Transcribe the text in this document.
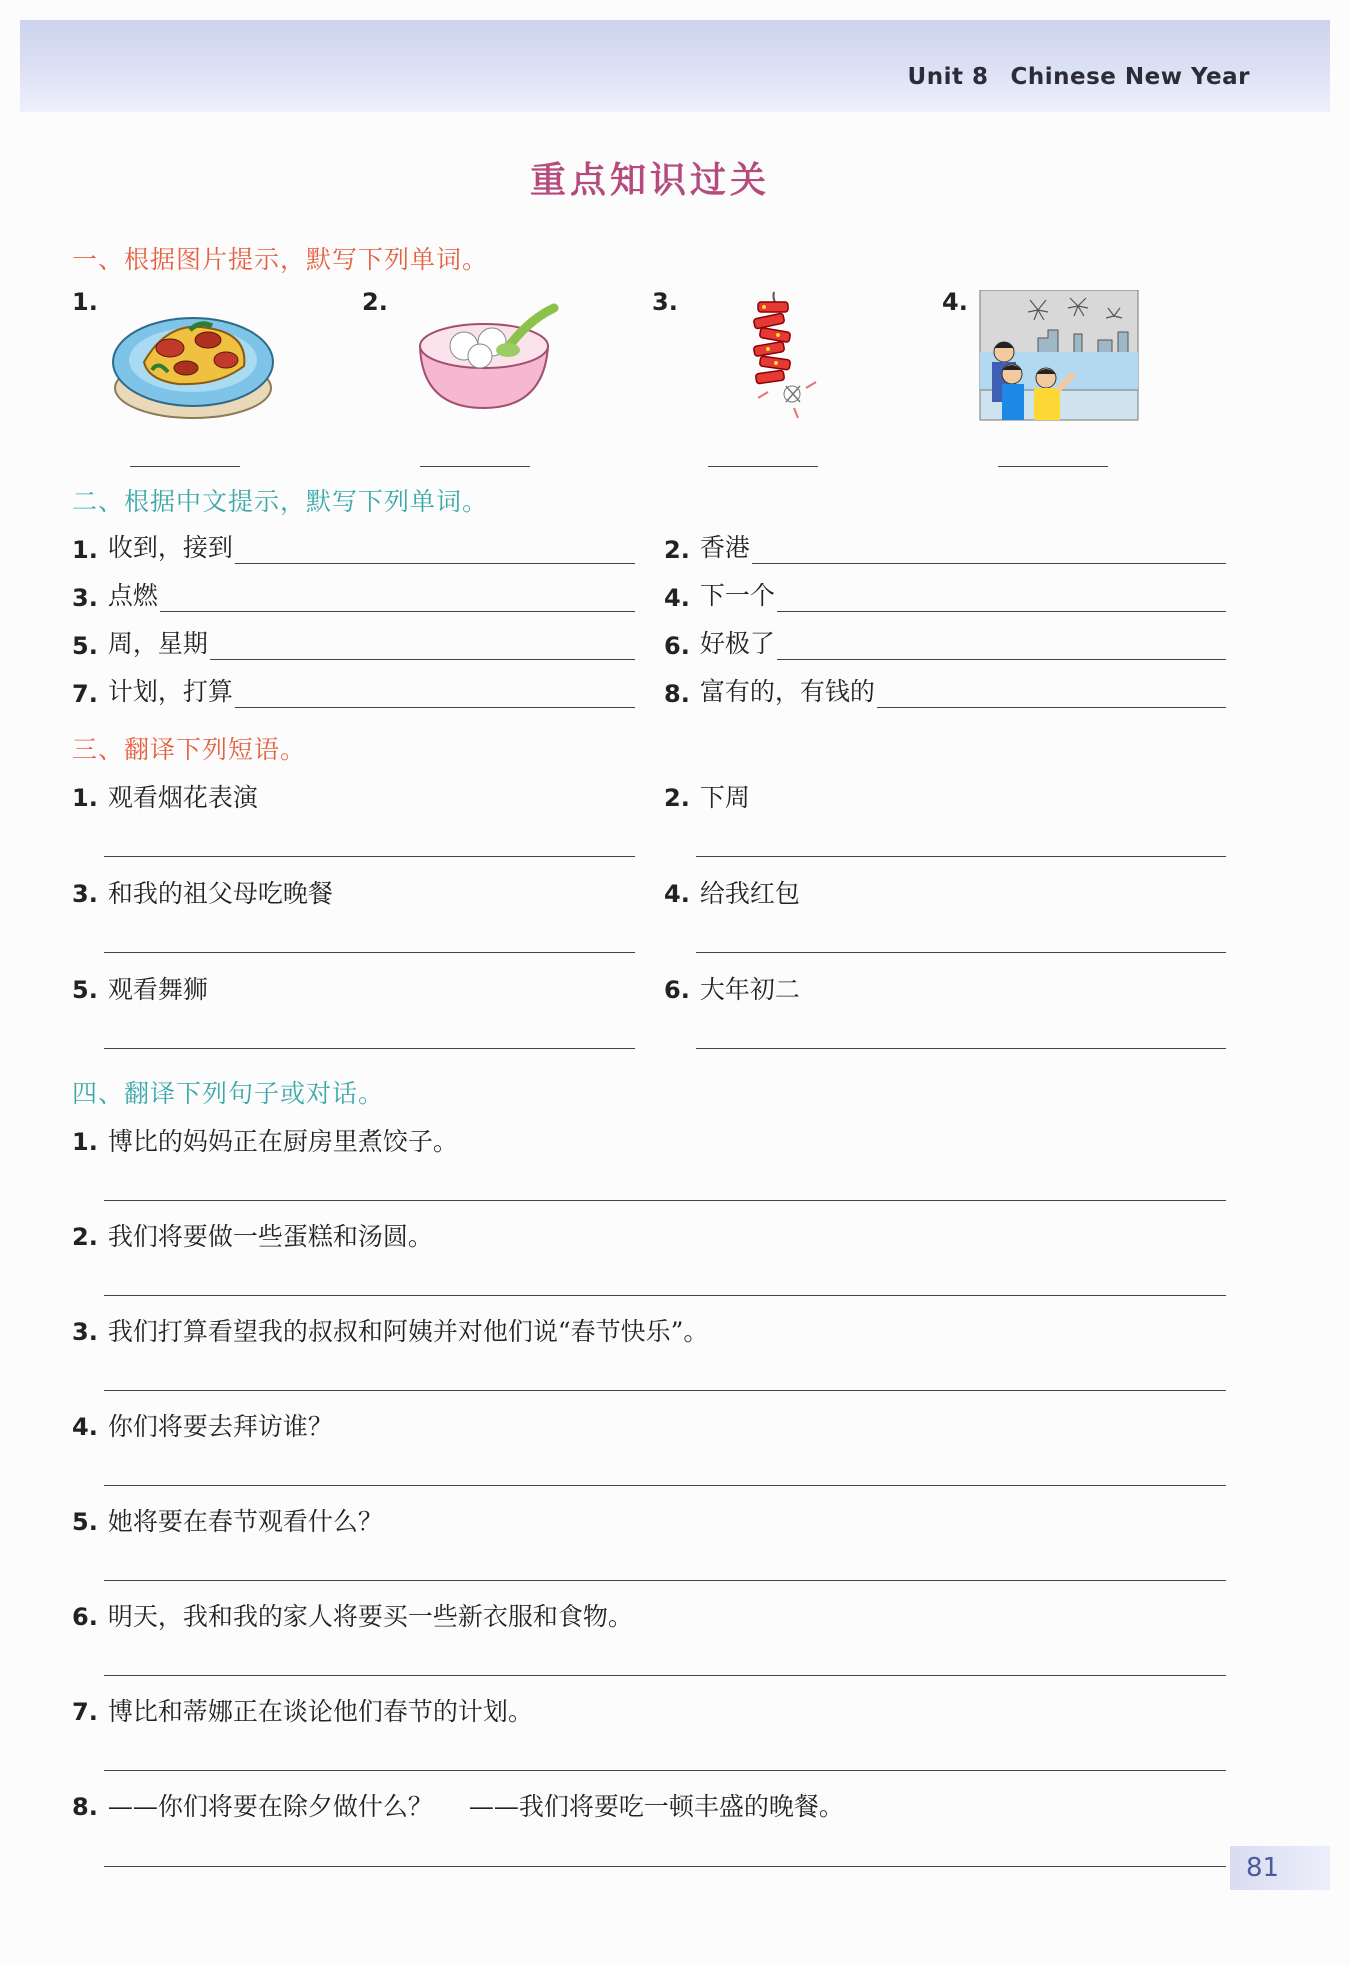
Unit 8 Chinese New Year
重点知识过关
一、根据图片提示，默写下列单词。
1.	2.	3.	4.
二、根据中文提示，默写下列单词。
1. 收到，接到	2. 香港
3. 点燃	4. 下一个
5. 周，星期	6. 好极了
7. 计划，打算	8. 富有的，有钱的
三、翻译下列短语。
1. 观看烟花表演	2. 下周
3. 和我的祖父母吃晚餐	4. 给我红包
5. 观看舞狮	6. 大年初二
四、翻译下列句子或对话。
1. 博比的妈妈正在厨房里煮饺子。
2. 我们将要做一些蛋糕和汤圆。
3. 我们打算看望我的叔叔和阿姨并对他们说“春节快乐”。
4. 你们将要去拜访谁？
5. 她将要在春节观看什么？
6. 明天，我和我的家人将要买一些新衣服和食物。
7. 博比和蒂娜正在谈论他们春节的计划。
8. ——你们将要在除夕做什么？ ——我们将要吃一顿丰盛的晚餐。
81
